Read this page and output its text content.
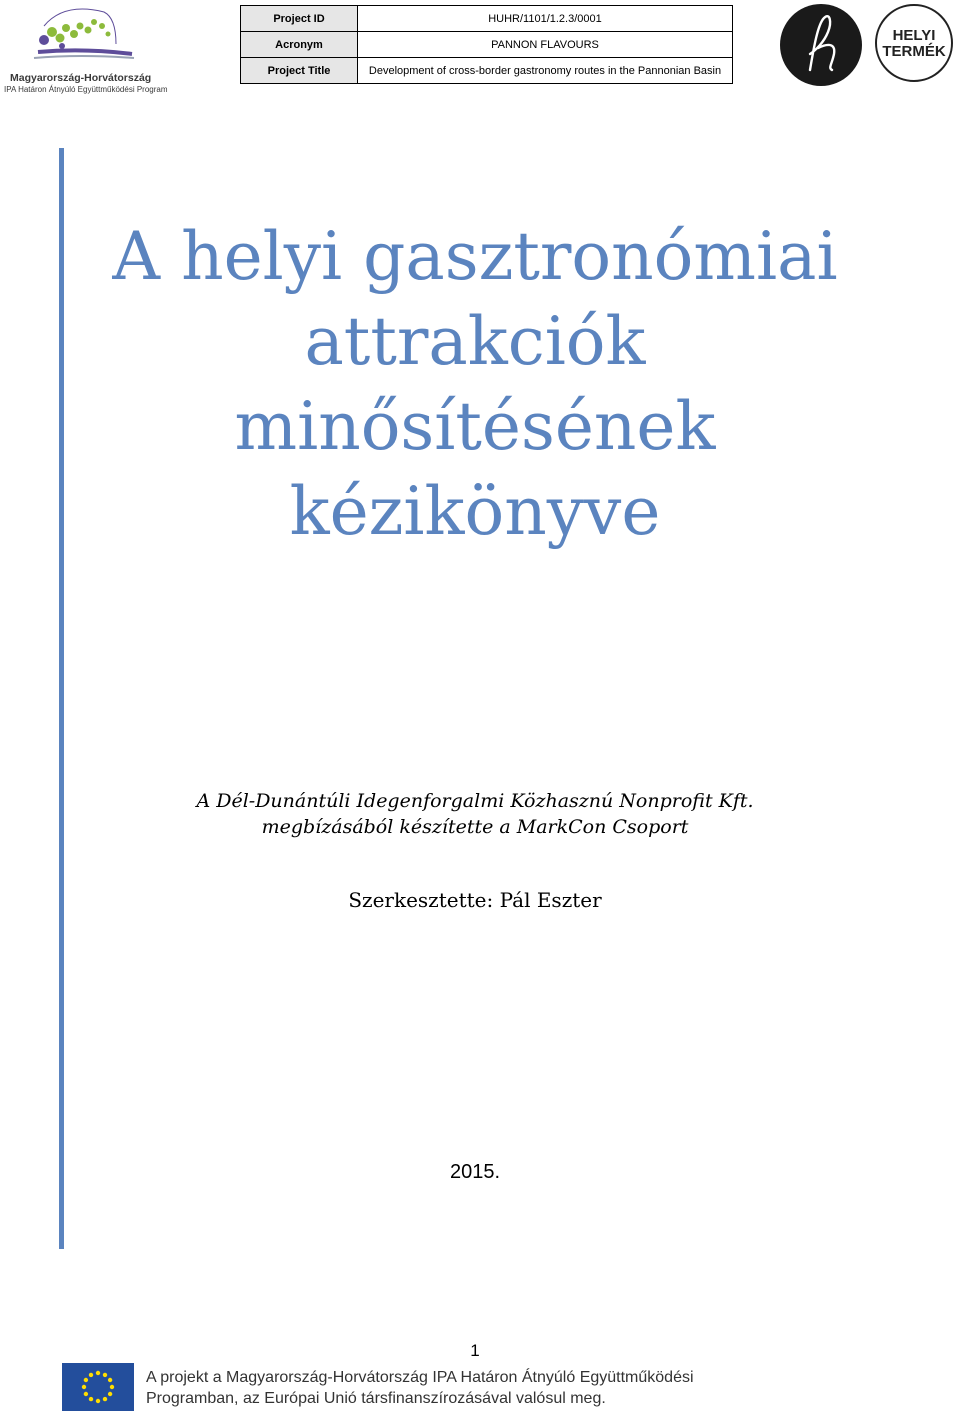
Magyarország-Horvátország
IPA Határon Átnyúló Együttműködési Program
Project ID	HUHR/1101/1.2.3/0001
Acronym	PANNON FLAVOURS
Project Title	Development of cross-border gastronomy routes in the Pannonian Basin
HELYI
TERMÉK
A helyi gasztronómiai
attrakciók minősítésének
kézikönyve
A Dél-Dunántúli Idegenforgalmi Közhasznú Nonprofit Kft.
megbízásából készítette a MarkCon Csoport
Szerkesztette: Pál Eszter
2015.
1
A projekt a Magyarország-Horvátország IPA Határon Átnyúló Együttműködési
Programban, az Európai Unió társfinanszírozásával valósul meg.
